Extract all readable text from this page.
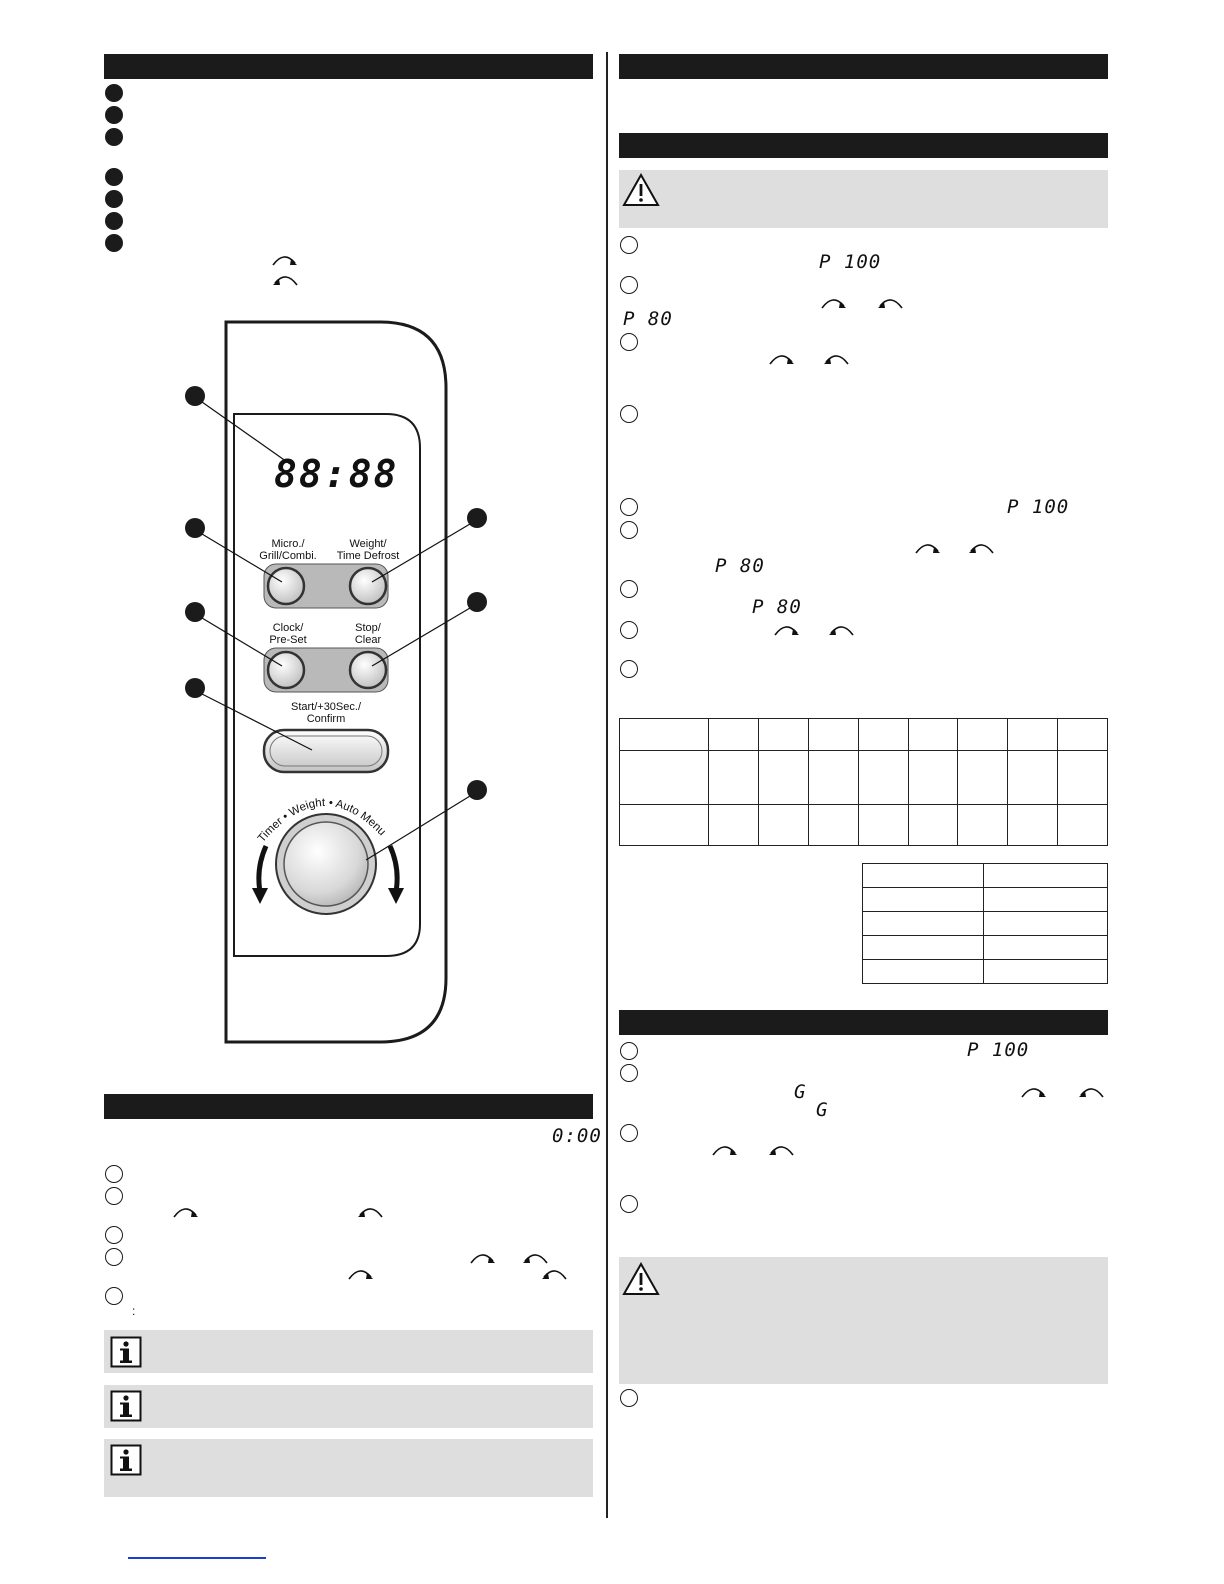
88:88
Micro./
Grill/Combi.
Weight/
Time Defrost
Clock/
Pre-Set
Stop/
Clear
Start/+30Sec./
Confirm
Timer • Weight • Auto Menu
0:00
:
P 100
P 80
P 100
P 80
P 80

P 100
G
G
